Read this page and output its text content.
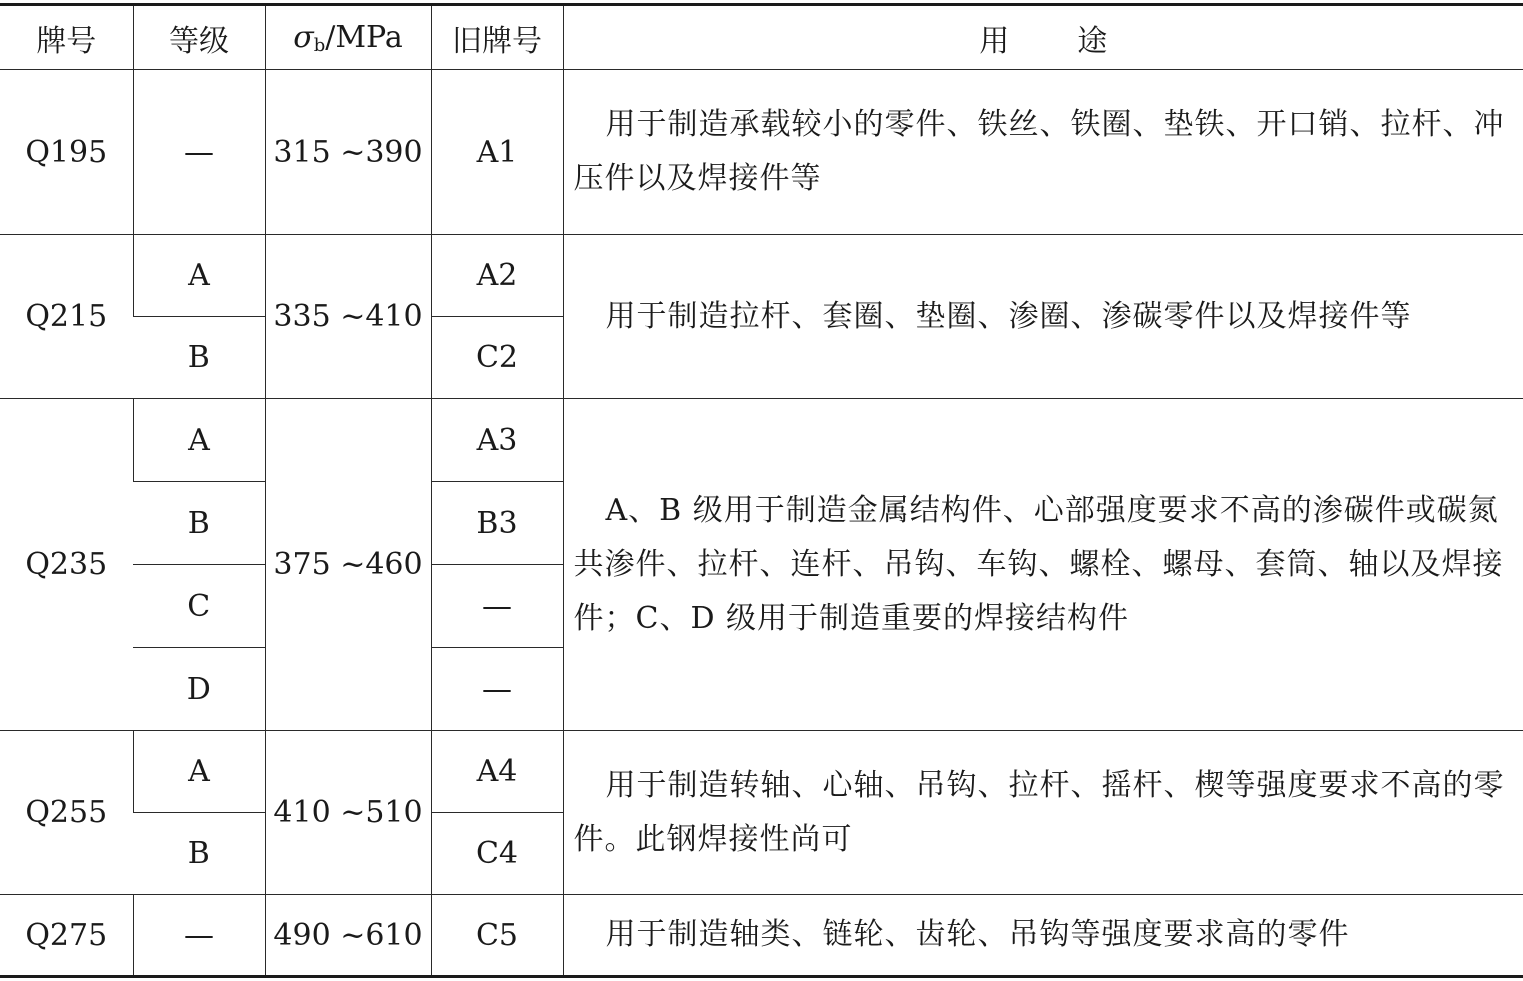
牌号	等级	$\sigma_b$/MPa	旧牌号	用 途
Q195	—	315 ~390	A1	用于制造承载较小的零件、铁丝、铁圈、垫铁、开口销、拉杆、冲压件以及焊接件等
Q215	A	335 ~410	A2	用于制造拉杆、套圈、垫圈、渗圈、渗碳零件以及焊接件等
	B		C2	
Q235	A	375 ~460	A3	A、B 级用于制造金属结构件、心部强度要求不高的渗碳件或碳氮共渗件、拉杆、连杆、吊钩、车钩、螺栓、螺母、套筒、轴以及焊接件；C、D 级用于制造重要的焊接结构件
	B		B3	
	C		—	
	D		—	
Q255	A	410 ~510	A4	用于制造转轴、心轴、吊钩、拉杆、摇杆、楔等强度要求不高的零件。此钢焊接性尚可
	B		C4	
Q275	—	490 ~610	C5	用于制造轴类、链轮、齿轮、吊钩等强度要求高的零件
